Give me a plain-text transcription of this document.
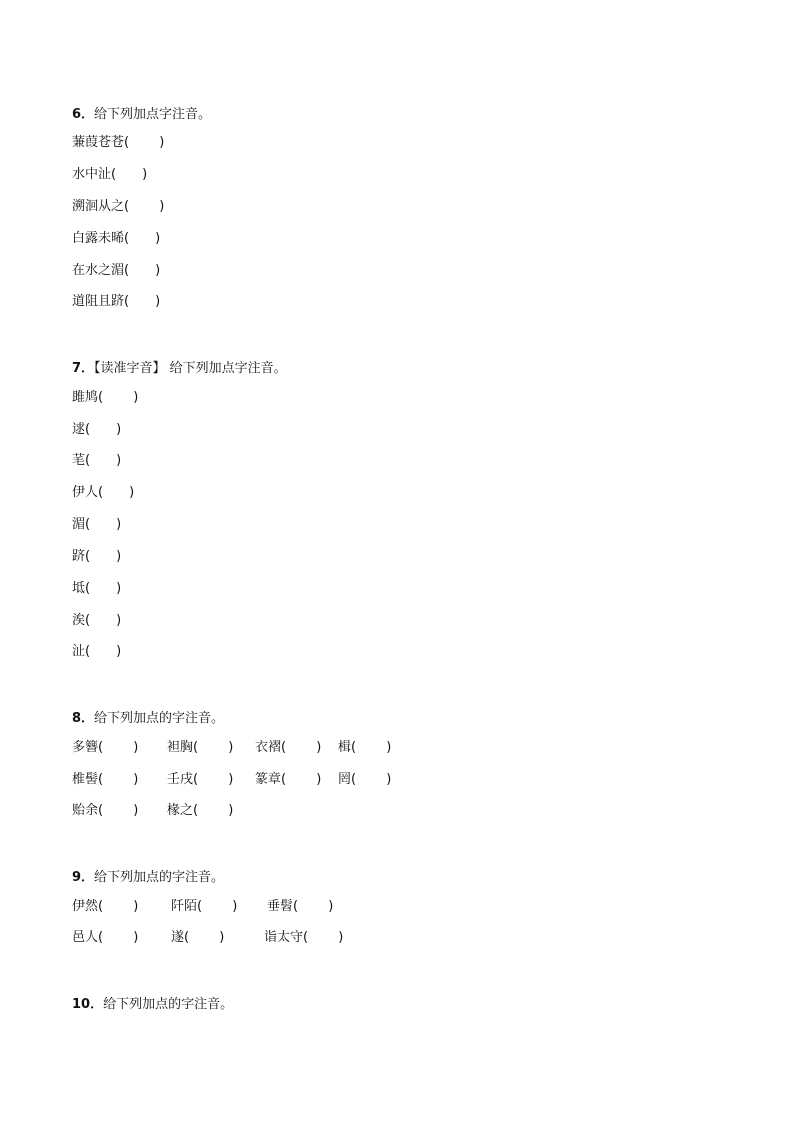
6．给下列加点字注音。
蒹葭苍苍(　　 )
水中沚(　　)
溯洄从之(　　 )
白露未晞(　　)
在水之湄(　　)
道阻且跻(　　)
7．【读准字音】 给下列加点字注音。
雎鸠(　　 )
逑(　　)
芼(　　)
伊人(　　)
湄(　　)
跻(　　)
坻(　　)
涘(　　)
沚(　　)
8．给下列加点的字注音。
多簪(　　 ) 袒胸(　　 ) 衣褶(　　 ) 楫(　　 )
椎髻(　　 ) 壬戌(　　 ) 篆章(　　 ) 罔(　　 )
贻余(　　 ) 椽之(　　 )
9．给下列加点的字注音。
伊然(　　 )	阡陌(　　 ) 垂髫(　　 )
邑人(　　 )	遂(　　 )	诣太守(　　 )
10．给下列加点的字注音。
